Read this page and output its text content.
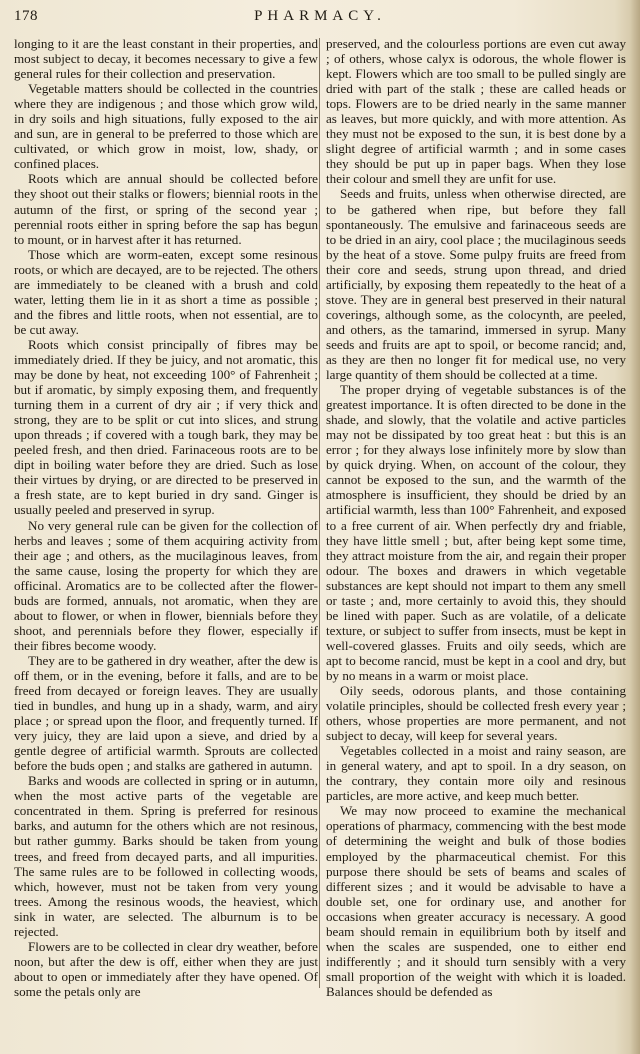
178	PHARMACY.

longing to it are the least constant in their properties, and most subject to decay, it becomes necessary to give a few general rules for their collection and preservation.

Vegetable matters should be collected in the countries where they are indigenous ; and those which grow wild, in dry soils and high situations, fully exposed to the air and sun, are in general to be preferred to those which are cultivated, or which grow in moist, low, shady, or confined places.

Roots which are annual should be collected before they shoot out their stalks or flowers; biennial roots in the autumn of the first, or spring of the second year ; perennial roots either in spring before the sap has begun to mount, or in harvest after it has returned.

Those which are worm-eaten, except some resinous roots, or which are decayed, are to be rejected. The others are immediately to be cleaned with a brush and cold water, letting them lie in it as short a time as possible ; and the fibres and little roots, when not essential, are to be cut away.

Roots which consist principally of fibres may be immediately dried. If they be juicy, and not aromatic, this may be done by heat, not exceeding 100° of Fahrenheit ; but if aromatic, by simply exposing them, and frequently turning them in a current of dry air ; if very thick and strong, they are to be split or cut into slices, and strung upon threads ; if covered with a tough bark, they may be peeled fresh, and then dried. Farinaceous roots are to be dipt in boiling water before they are dried. Such as lose their virtues by drying, or are directed to be preserved in a fresh state, are to kept buried in dry sand. Ginger is usually peeled and preserved in syrup.

No very general rule can be given for the collection of herbs and leaves ; some of them acquiring activity from their age ; and others, as the mucilaginous leaves, from the same cause, losing the property for which they are officinal. Aromatics are to be collected after the flower-buds are formed, annuals, not aromatic, when they are about to flower, or when in flower, biennials before they shoot, and perennials before they flower, especially if their fibres become woody.

They are to be gathered in dry weather, after the dew is off them, or in the evening, before it falls, and are to be freed from decayed or foreign leaves. They are usually tied in bundles, and hung up in a shady, warm, and airy place ; or spread upon the floor, and frequently turned. If very juicy, they are laid upon a sieve, and dried by a gentle degree of artificial warmth. Sprouts are collected before the buds open ; and stalks are gathered in autumn.

Barks and woods are collected in spring or in autumn, when the most active parts of the vegetable are concentrated in them. Spring is preferred for resinous barks, and autumn for the others which are not resinous, but rather gummy. Barks should be taken from young trees, and freed from decayed parts, and all impurities. The same rules are to be followed in collecting woods, which, however, must not be taken from very young trees. Among the resinous woods, the heaviest, which sink in water, are selected. The alburnum is to be rejected.

Flowers are to be collected in clear dry weather, before noon, but after the dew is off, either when they are just about to open or immediately after they have opened. Of some the petals only are

preserved, and the colourless portions are even cut away ; of others, whose calyx is odorous, the whole flower is kept. Flowers which are too small to be pulled singly are dried with part of the stalk ; these are called heads or tops. Flowers are to be dried nearly in the same manner as leaves, but more quickly, and with more attention. As they must not be exposed to the sun, it is best done by a slight degree of artificial warmth ; and in some cases they should be put up in paper bags. When they lose their colour and smell they are unfit for use.

Seeds and fruits, unless when otherwise directed, are to be gathered when ripe, but before they fall spontaneously. The emulsive and farinaceous seeds are to be dried in an airy, cool place ; the mucilaginous seeds by the heat of a stove. Some pulpy fruits are freed from their core and seeds, strung upon thread, and dried artificially, by exposing them repeatedly to the heat of a stove. They are in general best preserved in their natural coverings, although some, as the colocynth, are peeled, and others, as the tamarind, immersed in syrup. Many seeds and fruits are apt to spoil, or become rancid; and, as they are then no longer fit for medical use, no very large quantity of them should be collected at a time.

The proper drying of vegetable substances is of the greatest importance. It is often directed to be done in the shade, and slowly, that the volatile and active particles may not be dissipated by too great heat : but this is an error ; for they always lose infinitely more by slow than by quick drying. When, on account of the colour, they cannot be exposed to the sun, and the warmth of the atmosphere is insufficient, they should be dried by an artificial warmth, less than 100° Fahrenheit, and exposed to a free current of air. When perfectly dry and friable, they have little smell ; but, after being kept some time, they attract moisture from the air, and regain their proper odour. The boxes and drawers in which vegetable substances are kept should not impart to them any smell or taste ; and, more certainly to avoid this, they should be lined with paper. Such as are volatile, of a delicate texture, or subject to suffer from insects, must be kept in well-covered glasses. Fruits and oily seeds, which are apt to become rancid, must be kept in a cool and dry, but by no means in a warm or moist place.

Oily seeds, odorous plants, and those containing volatile principles, should be collected fresh every year ; others, whose properties are more permanent, and not subject to decay, will keep for several years.

Vegetables collected in a moist and rainy season, are in general watery, and apt to spoil. In a dry season, on the contrary, they contain more oily and resinous particles, are more active, and keep much better.

We may now proceed to examine the mechanical operations of pharmacy, commencing with the best mode of determining the weight and bulk of those bodies employed by the pharmaceutical chemist. For this purpose there should be sets of beams and scales of different sizes ; and it would be advisable to have a double set, one for ordinary use, and another for occasions when greater accuracy is necessary. A good beam should remain in equilibrium both by itself and when the scales are suspended, one to either end indifferently ; and it should turn sensibly with a very small proportion of the weight with which it is loaded. Balances should be defended as
